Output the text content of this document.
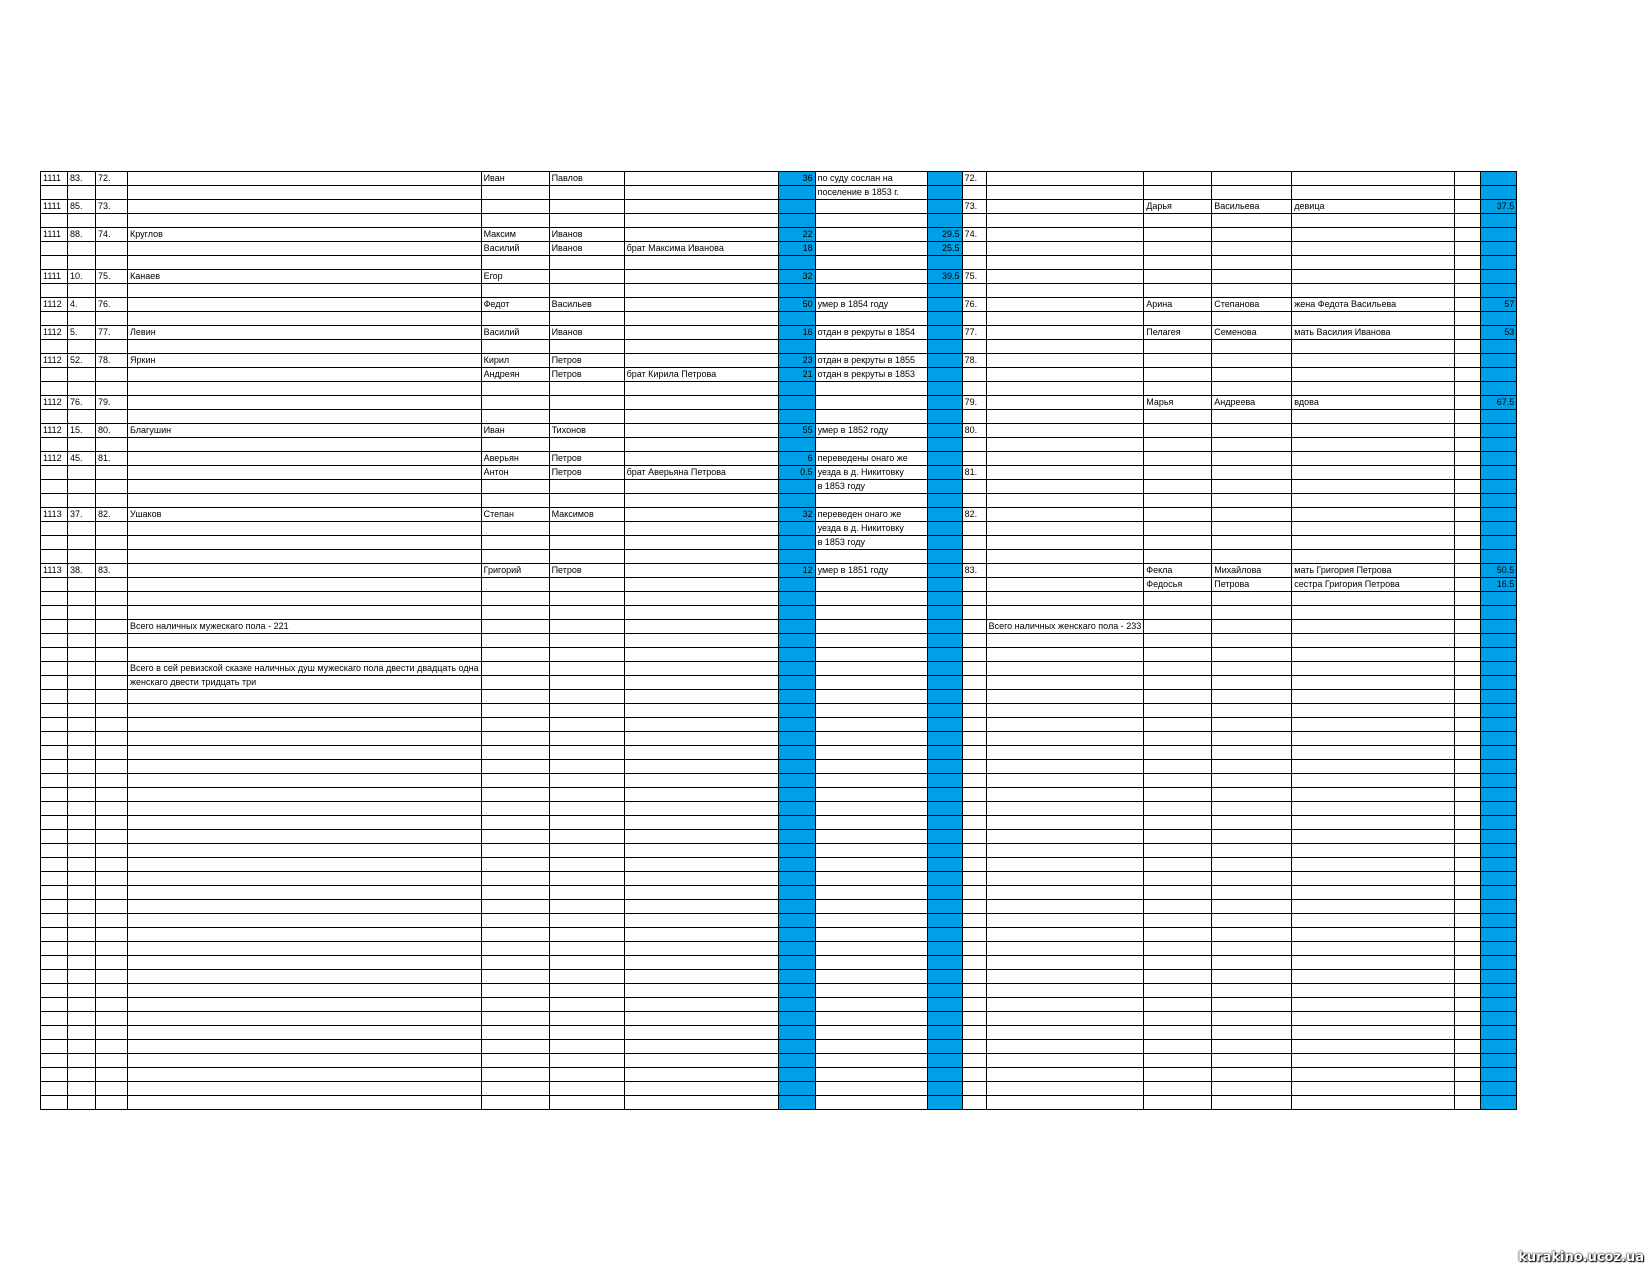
1111	83.	72.		Иван	Павлов		36	по суду сослан на		72.						
								поселение в 1853 г.								
1111	85.	73.								73.		Дарья	Васильева	девица		37.5

1111	88.	74.	Круглов	Максим	Иванов		22		29.5	74.						
				Василий	Иванов	брат Максима Иванова	18		25.5							

1111	10.	75.	Канаев	Егор			32		39.5	75.						

1112	4.	76.		Федот	Васильев		50	умер в 1854 году		76.		Арина	Степанова	жена Федота Васильева		57

1112	5.	77.	Левин	Василий	Иванов		16	отдан в рекруты в 1854		77.		Пелагея	Семенова	мать Василия Иванова		53

1112	52.	78.	Яркин	Кирил	Петров		23	отдан в рекруты в 1855		78.						
				Андреян	Петров	брат Кирила Петрова	21	отдан в рекруты в 1853								

1112	76.	79.								79.		Марья	Андреева	вдова		67.5

1112	15.	80.	Благушин	Иван	Тихонов		55	умер в 1852 году		80.						

1112	45.	81.		Аверьян	Петров		6	переведены онаго же								
				Антон	Петров	брат Аверьяна Петрова	0.5	уезда в д. Никитовку		81.						
								в 1853 году								

1113	37.	82.	Ушаков	Степан	Максимов		32	переведен онаго же		82.						
								уезда в д. Никитовку								
								в 1853 году								

1113	38.	83.		Григорий	Петров		12	умер в 1851 году		83.		Фекла	Михайлова	мать Григория Петрова		50.5
												Федосья	Петрова	сестра Григория Петрова		16.5

			Всего наличных мужескаго пола - 221								Всего наличных женскаго пола - 233					

			Всего в сей ревизской сказке наличных душ мужескаго пола двести двадцать одна													
			женскаго двести тридцать три													

kurakino.ucoz.ua
